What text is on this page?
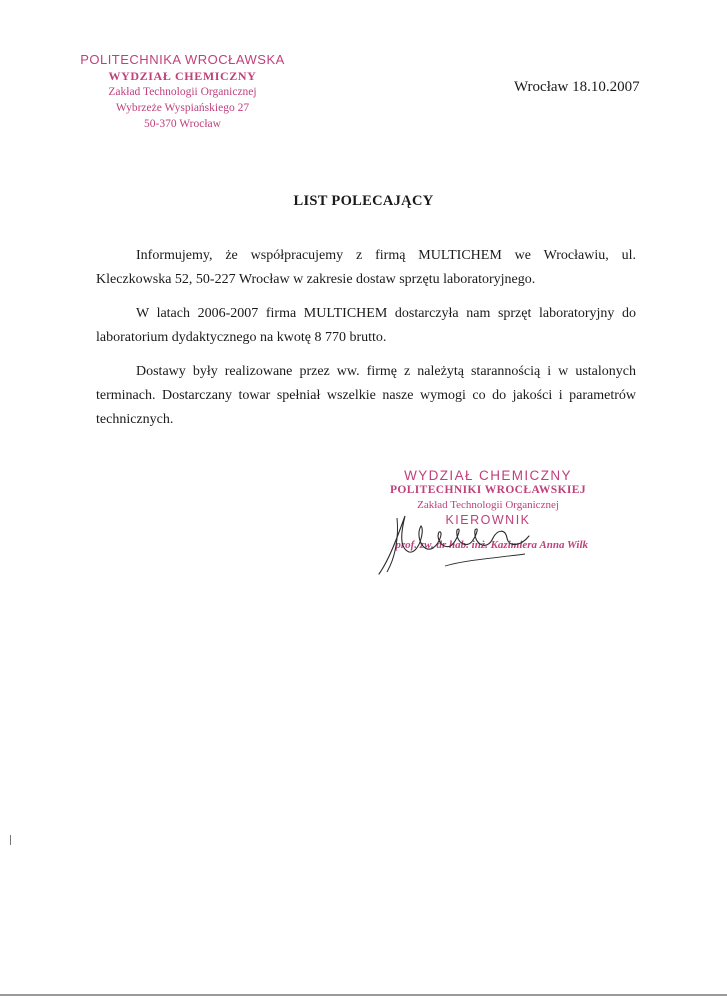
POLITECHNIKA WROCŁAWSKA
WYDZIAŁ CHEMICZNY
Zakład Technologii Organicznej
Wybrzeże Wyspiańskiego 27
50-370 Wrocław
Wrocław 18.10.2007
LIST POLECAJĄCY

Informujemy, że współpracujemy z firmą MULTICHEM we Wrocławiu, ul. Kleczkowska 52, 50-227 Wrocław w zakresie dostaw sprzętu laboratoryjnego.

W latach 2006-2007 firma MULTICHEM dostarczyła nam sprzęt laboratoryjny do laboratorium dydaktycznego na kwotę 8 770 brutto.

Dostawy były realizowane przez ww. firmę z należytą starannością i w ustalonych terminach. Dostarczany towar spełniał wszelkie nasze wymogi co do jakości i parametrów technicznych.

WYDZIAŁ CHEMICZNY
POLITECHNIKI WROCŁAWSKIEJ
Zakład Technologii Organicznej
KIEROWNIK
prof. zw. dr hab. inż. Kazimiera Anna Wilk
